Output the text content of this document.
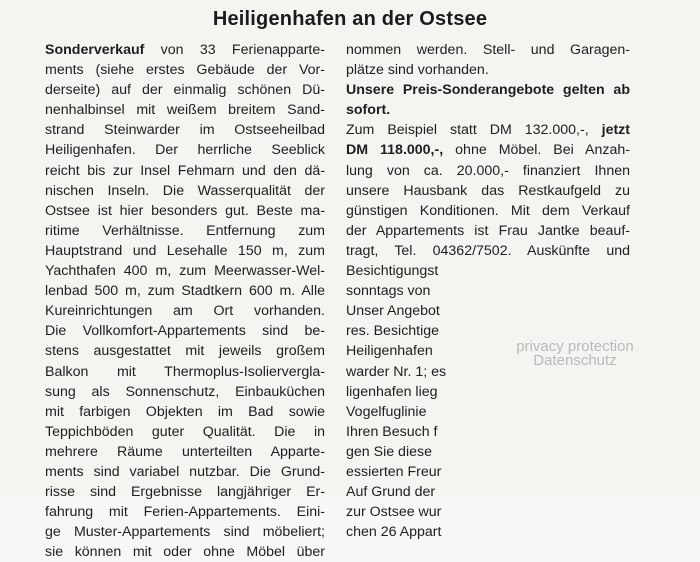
Heiligenhafen an der Ostsee
Sonderverkauf von 33 Ferienapparte-
ments (siehe erstes Gebäude der Vor-
derseite) auf der einmalig schönen Dü-
nenhalbinsel mit weißem breitem Sand-
strand Steinwarder im Ostseeheilbad
Heiligenhafen. Der herrliche Seeblick
reicht bis zur Insel Fehmarn und den dä-
nischen Inseln. Die Wasserqualität der
Ostsee ist hier besonders gut. Beste ma-
ritime Verhältnisse. Entfernung zum
Hauptstrand und Lesehalle 150 m, zum
Yachthafen 400 m, zum Meerwasser-Wel-
lenbad 500 m, zum Stadtkern 600 m. Alle
Kureinrichtungen am Ort vorhanden.
Die Vollkomfort-Appartements sind be-
stens ausgestattet mit jeweils großem
Balkon mit Thermoplus-Isolierverglа-
sung als Sonnenschutz, Einbauküchen
mit farbigen Objekten im Bad sowie
Teppichböden guter Qualität. Die in
mehrere Räume unterteilten Apparte-
ments sind variabel nutzbar. Die Grund-
risse sind Ergebnisse langjähriger Er-
fahrung mit Ferien-Appartements. Eini-
ge Muster-Appartements sind möbeliert;
sie können mit oder ohne Möbel über
nommen werden. Stell- und Garagen-
plätze sind vorhanden.
Unsere Preis-Sonderangebote gelten ab
sofort.
Zum Beispiel statt DM 132.000,-, jetzt
DM 118.000,-, ohne Möbel. Bei Anzah-
lung von ca. 20.000,- finanziert Ihnen
unsere Hausbank das Restkaufgeld zu
günstigen Konditionen. Mit dem Verkauf
der Appartements ist Frau Jantke beauf-
tragt, Tel. 04362/7502. Auskünfte und
Besichtigungst
sonntags von
Unser Angebot
res. Besichtige
Heiligenhafen
warder Nr. 1; es
ligenhafen lieg
Vogelfuglinie
Ihren Besuch f
gen Sie diese
essierten Freur
Auf Grund der
zur Ostsee wur
chen 26 Appart
privacy protection
Datenschutz
